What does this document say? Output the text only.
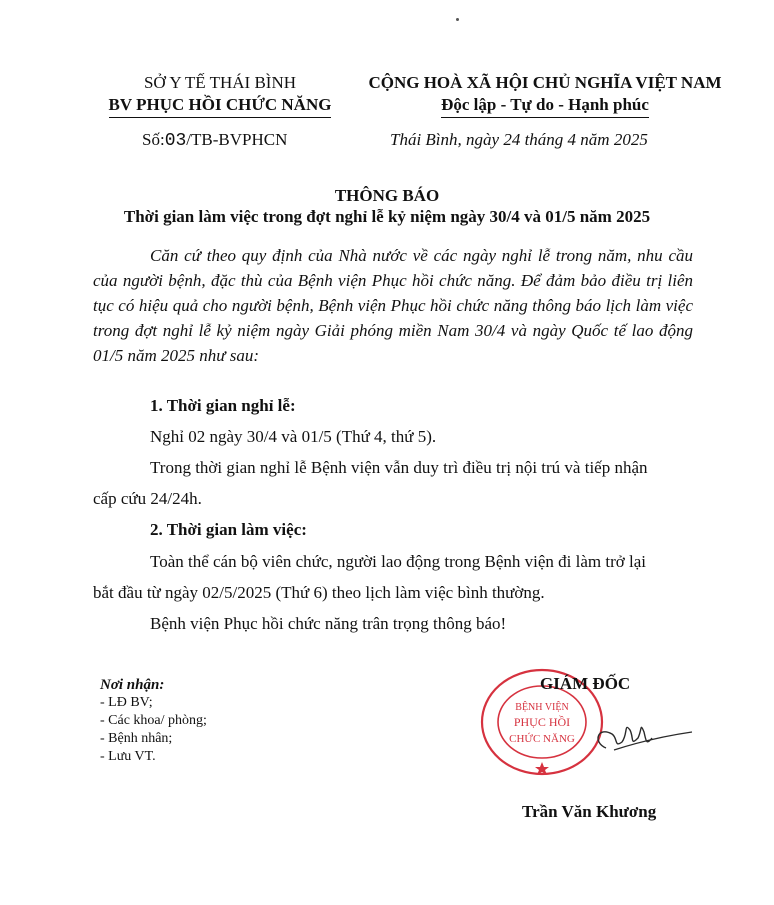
SỞ Y TẾ THÁI BÌNH
BV PHỤC HỒI CHỨC NĂNG
CỘNG HOÀ XÃ HỘI CHỦ NGHĨA VIỆT NAM
Độc lập - Tự do - Hạnh phúc
Số:03/TB-BVPHCN	Thái Bình, ngày 24 tháng 4 năm 2025
THÔNG BÁO
Thời gian làm việc trong đợt nghỉ lễ kỷ niệm ngày 30/4 và 01/5 năm 2025
Căn cứ theo quy định của Nhà nước về các ngày nghỉ lễ trong năm, nhu cầu của người bệnh, đặc thù của Bệnh viện Phục hồi chức năng. Để đảm bảo điều trị liên tục có hiệu quả cho người bệnh, Bệnh viện Phục hồi chức năng thông báo lịch làm việc trong đợt nghỉ lễ kỷ niệm ngày Giải phóng miền Nam 30/4 và ngày Quốc tế lao động 01/5 năm 2025 như sau:
1. Thời gian nghỉ lễ:
Nghỉ 02 ngày 30/4 và 01/5 (Thứ 4, thứ 5).
Trong thời gian nghỉ lễ Bệnh viện vẫn duy trì điều trị nội trú và tiếp nhận
cấp cứu 24/24h.
2. Thời gian làm việc:
Toàn thể cán bộ viên chức, người lao động trong Bệnh viện đi làm trở lại
bắt đầu từ ngày 02/5/2025 (Thứ 6) theo lịch làm việc bình thường.
Bệnh viện Phục hồi chức năng trân trọng thông báo!
Nơi nhận:
- LĐ BV;
- Các khoa/ phòng;
- Bệnh nhân;
- Lưu VT.
BỆNH VIỆN
PHỤC HỒI
CHỨC NĂNG
GIÁM ĐỐC
Trần Văn Khương
